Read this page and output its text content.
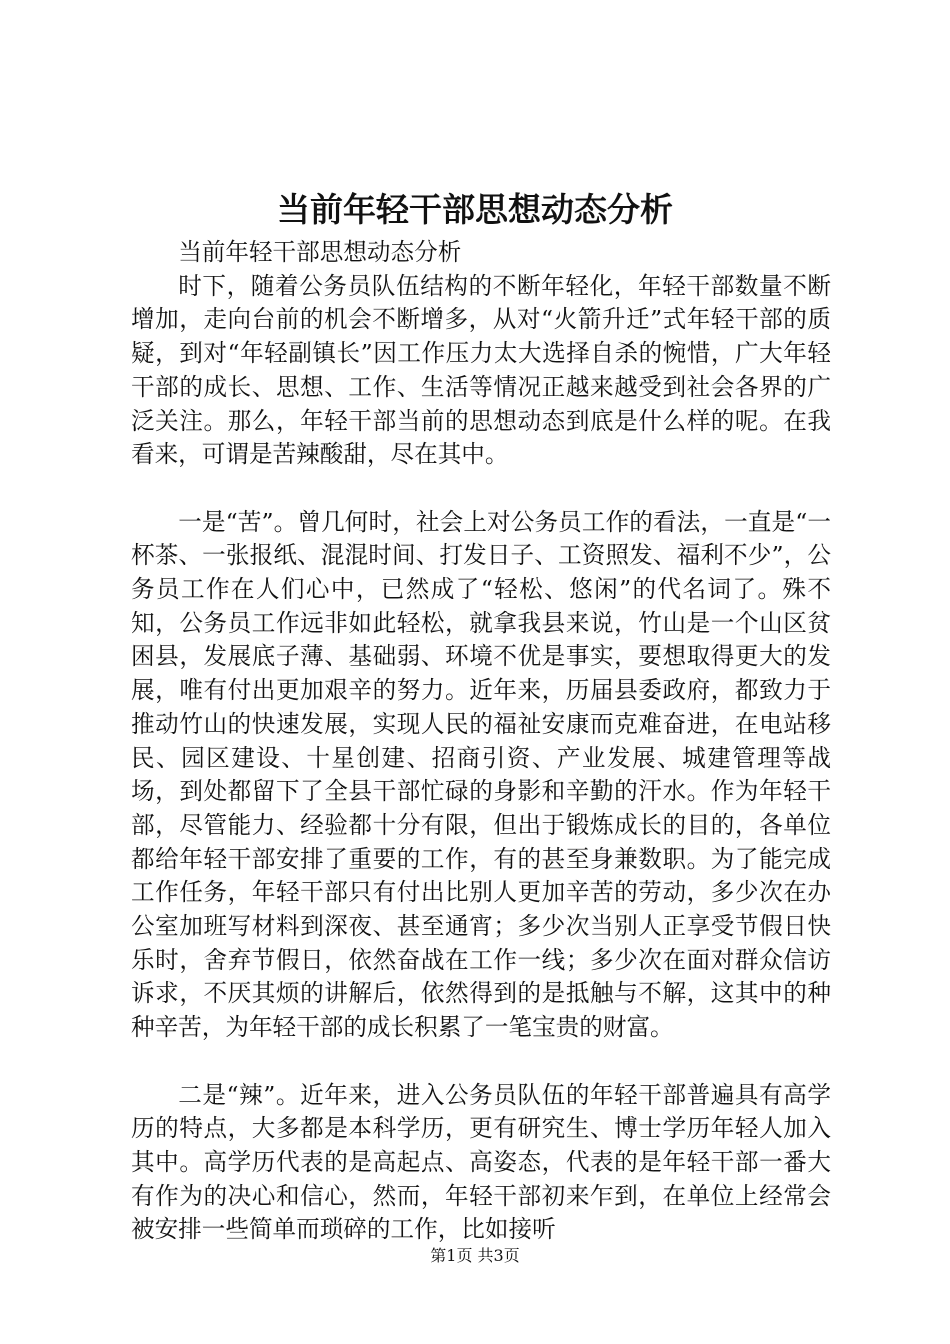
当前年轻干部思想动态分析

当前年轻干部思想动态分析

时下，随着公务员队伍结构的不断年轻化，年轻干部数量不断增加，走向台前的机会不断增多，从对“火箭升迁”式年轻干部的质疑，到对“年轻副镇长”因工作压力太大选择自杀的惋惜，广大年轻干部的成长、思想、工作、生活等情况正越来越受到社会各界的广泛关注。那么，年轻干部当前的思想动态到底是什么样的呢。在我看来，可谓是苦辣酸甜，尽在其中。

一是“苦”。曾几何时，社会上对公务员工作的看法，一直是“一杯茶、一张报纸、混混时间、打发日子、工资照发、福利不少”，公务员工作在人们心中，已然成了“轻松、悠闲”的代名词了。殊不知，公务员工作远非如此轻松，就拿我县来说，竹山是一个山区贫困县，发展底子薄、基础弱、环境不优是事实，要想取得更大的发展，唯有付出更加艰辛的努力。近年来，历届县委政府，都致力于推动竹山的快速发展，实现人民的福祉安康而克难奋进，在电站移民、园区建设、十星创建、招商引资、产业发展、城建管理等战场，到处都留下了全县干部忙碌的身影和辛勤的汗水。作为年轻干部，尽管能力、经验都十分有限，但出于锻炼成长的目的，各单位都给年轻干部安排了重要的工作，有的甚至身兼数职。为了能完成工作任务，年轻干部只有付出比别人更加辛苦的劳动，多少次在办公室加班写材料到深夜、甚至通宵；多少次当别人正享受节假日快乐时，舍弃节假日，依然奋战在工作一线；多少次在面对群众信访诉求，不厌其烦的讲解后，依然得到的是抵触与不解，这其中的种种辛苦，为年轻干部的成长积累了一笔宝贵的财富。

二是“辣”。近年来，进入公务员队伍的年轻干部普遍具有高学历的特点，大多都是本科学历，更有研究生、博士学历年轻人加入其中。高学历代表的是高起点、高姿态，代表的是年轻干部一番大有作为的决心和信心，然而，年轻干部初来乍到，在单位上经常会被安排一些简单而琐碎的工作，比如接听

第1页 共3页
